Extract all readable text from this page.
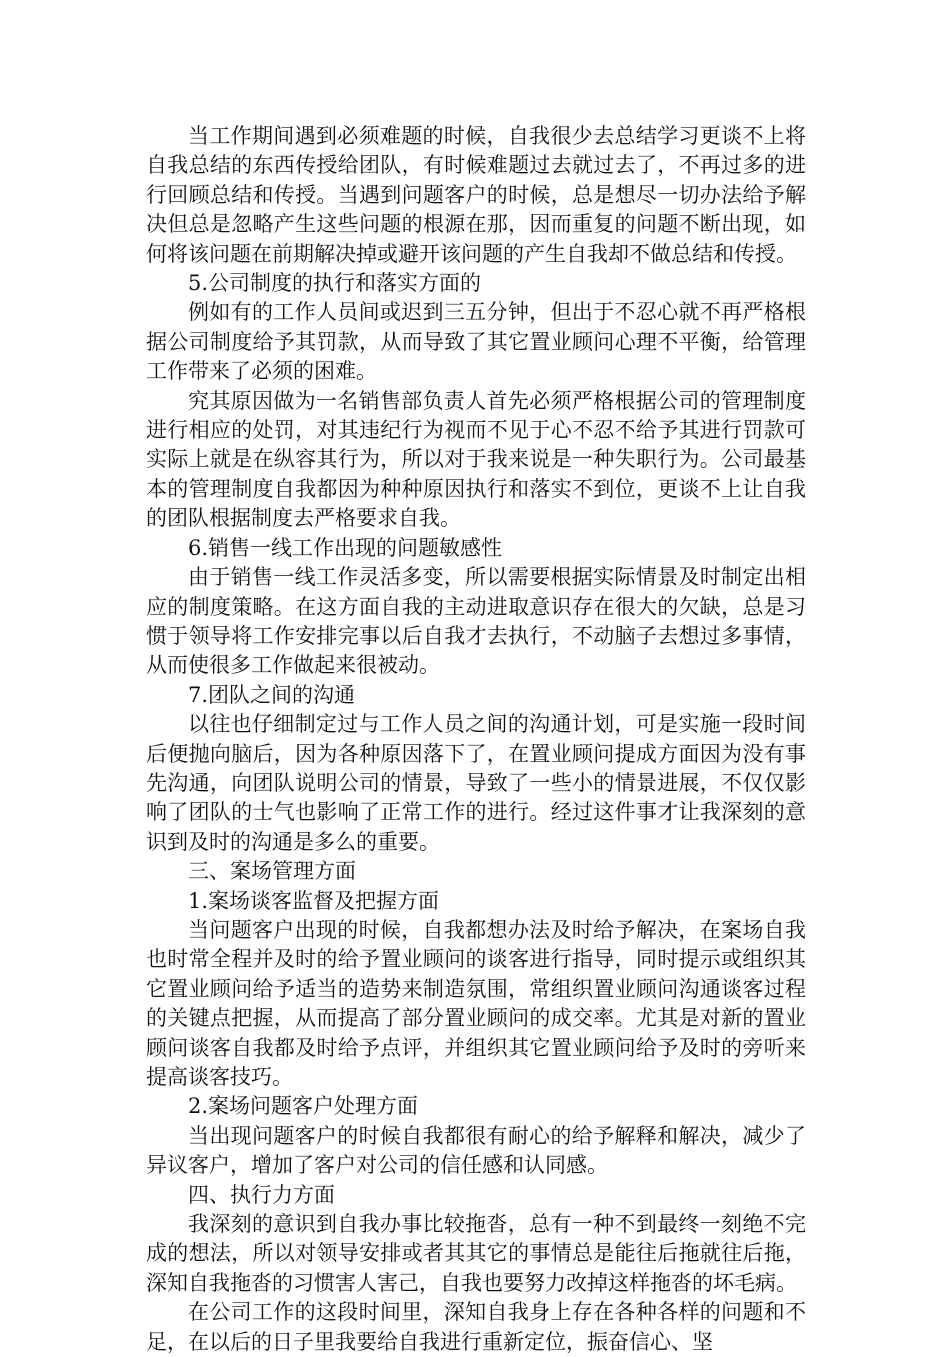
当工作期间遇到必须难题的时候，自我很少去总结学习更谈不上将自我总结的东西传授给团队，有时候难题过去就过去了，不再过多的进行回顾总结和传授。当遇到问题客户的时候，总是想尽一切办法给予解决但总是忽略产生这些问题的根源在那，因而重复的问题不断出现，如何将该问题在前期解决掉或避开该问题的产生自我却不做总结和传授。

5.公司制度的执行和落实方面的

例如有的工作人员间或迟到三五分钟，但出于不忍心就不再严格根据公司制度给予其罚款，从而导致了其它置业顾问心理不平衡，给管理工作带来了必须的困难。

究其原因做为一名销售部负责人首先必须严格根据公司的管理制度进行相应的处罚，对其违纪行为视而不见于心不忍不给予其进行罚款可实际上就是在纵容其行为，所以对于我来说是一种失职行为。公司最基本的管理制度自我都因为种种原因执行和落实不到位，更谈不上让自我的团队根据制度去严格要求自我。

6.销售一线工作出现的问题敏感性

由于销售一线工作灵活多变，所以需要根据实际情景及时制定出相应的制度策略。在这方面自我的主动进取意识存在很大的欠缺，总是习惯于领导将工作安排完事以后自我才去执行，不动脑子去想过多事情，从而使很多工作做起来很被动。

7.团队之间的沟通

以往也仔细制定过与工作人员之间的沟通计划，可是实施一段时间后便抛向脑后，因为各种原因落下了，在置业顾问提成方面因为没有事先沟通，向团队说明公司的情景，导致了一些小的情景进展，不仅仅影响了团队的士气也影响了正常工作的进行。经过这件事才让我深刻的意识到及时的沟通是多么的重要。

三、案场管理方面

1.案场谈客监督及把握方面

当问题客户出现的时候，自我都想办法及时给予解决，在案场自我也时常全程并及时的给予置业顾问的谈客进行指导，同时提示或组织其它置业顾问给予适当的造势来制造氛围，常组织置业顾问沟通谈客过程的关键点把握，从而提高了部分置业顾问的成交率。尤其是对新的置业顾问谈客自我都及时给予点评，并组织其它置业顾问给予及时的旁听来提高谈客技巧。

2.案场问题客户处理方面

当出现问题客户的时候自我都很有耐心的给予解释和解决，减少了异议客户，增加了客户对公司的信任感和认同感。

四、执行力方面

我深刻的意识到自我办事比较拖沓，总有一种不到最终一刻绝不完成的想法，所以对领导安排或者其其它的事情总是能往后拖就往后拖，深知自我拖沓的习惯害人害己，自我也要努力改掉这样拖沓的坏毛病。

在公司工作的这段时间里，深知自我身上存在各种各样的问题和不足，在以后的日子里我要给自我进行重新定位，振奋信心、坚
